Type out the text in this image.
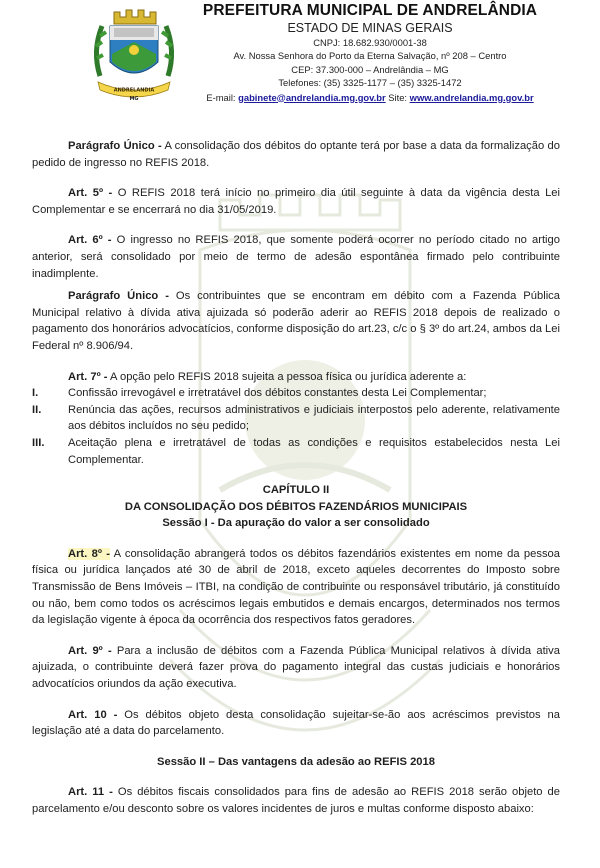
ANDRELANDIA
MG
PREFEITURA MUNICIPAL DE ANDRELÂNDIA
ESTADO DE MINAS GERAIS
CNPJ: 18.682.930/0001-38
Av. Nossa Senhora do Porto da Eterna Salvação, nº 208 – Centro
CEP: 37.300-000 – Andrelândia – MG
Telefones: (35) 3325-1177 – (35) 3325-1472
E-mail: gabinete@andrelandia.mg.gov.br Site: www.andrelandia.mg.gov.br

Parágrafo Único - A consolidação dos débitos do optante terá por base a data da formalização do pedido de ingresso no REFIS 2018.

Art. 5º - O REFIS 2018 terá início no primeiro dia útil seguinte à data da vigência desta Lei Complementar e se encerrará no dia 31/05/2019.

Art. 6º - O ingresso no REFIS 2018, que somente poderá ocorrer no período citado no artigo anterior, será consolidado por meio de termo de adesão espontânea firmado pelo contribuinte inadimplente.

Parágrafo Único - Os contribuintes que se encontram em débito com a Fazenda Pública Municipal relativo à dívida ativa ajuizada só poderão aderir ao REFIS 2018 depois de realizado o pagamento dos honorários advocatícios, conforme disposição do art.23, c/c o § 3º do art.24, ambos da Lei Federal nº 8.906/94.

Art. 7º - A opção pelo REFIS 2018 sujeita a pessoa física ou jurídica aderente a:

I.	Confissão irrevogável e irretratável dos débitos constantes desta Lei Complementar;
II.	Renúncia das ações, recursos administrativos e judiciais interpostos pelo aderente, relativamente aos débitos incluídos no seu pedido;
III.	Aceitação plena e irretratável de todas as condições e requisitos estabelecidos nesta Lei Complementar.

CAPÍTULO II

DA CONSOLIDAÇÃO DOS DÉBITOS FAZENDÁRIOS MUNICIPAIS

Sessão I - Da apuração do valor a ser consolidado

Art. 8º - A consolidação abrangerá todos os débitos fazendários existentes em nome da pessoa física ou jurídica lançados até 30 de abril de 2018, exceto aqueles decorrentes do Imposto sobre Transmissão de Bens Imóveis – ITBI, na condição de contribuinte ou responsável tributário, já constituído ou não, bem como todos os acréscimos legais embutidos e demais encargos, determinados nos termos da legislação vigente à época da ocorrência dos respectivos fatos geradores.

Art. 9º - Para a inclusão de débitos com a Fazenda Pública Municipal relativos à dívida ativa ajuizada, o contribuinte deverá fazer prova do pagamento integral das custas judiciais e honorários advocatícios oriundos da ação executiva.

Art. 10 - Os débitos objeto desta consolidação sujeitar-se-ão aos acréscimos previstos na legislação até a data do parcelamento.

Sessão II – Das vantagens da adesão ao REFIS 2018

Art. 11 - Os débitos fiscais consolidados para fins de adesão ao REFIS 2018 serão objeto de parcelamento e/ou desconto sobre os valores incidentes de juros e multas conforme disposto abaixo:
